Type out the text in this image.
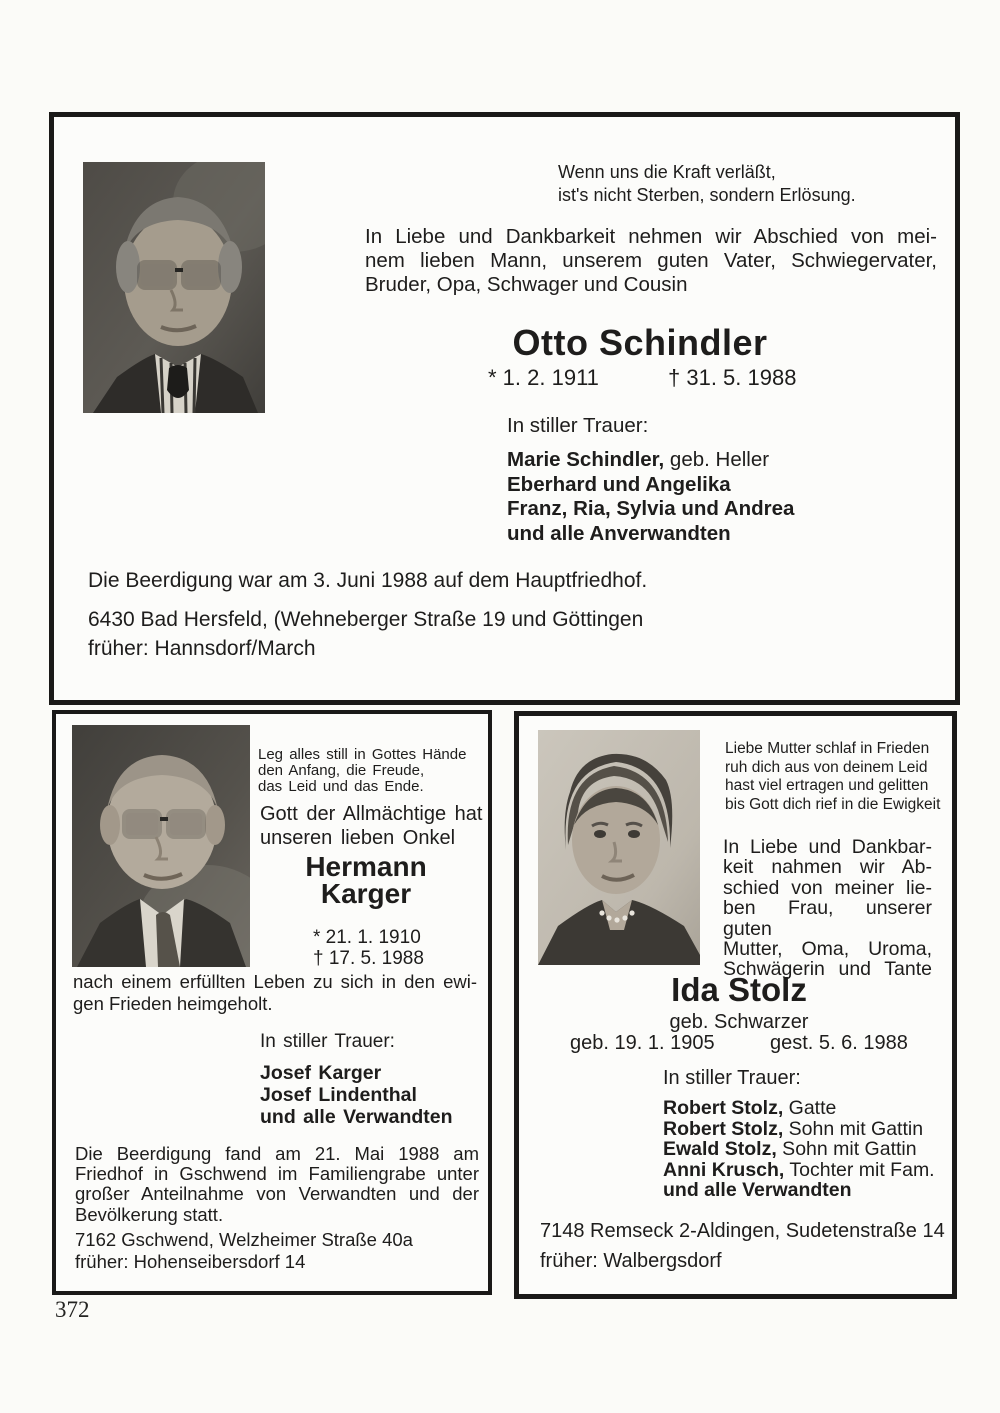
Wenn uns die Kraft verläßt,
ist's nicht Sterben, sondern Erlösung.
In Liebe und Dankbarkeit nehmen wir Abschied von mei-
nem lieben Mann, unserem guten Vater, Schwiegervater,
Bruder, Opa, Schwager und Cousin
Otto Schindler
* 1. 2. 1911	† 31. 5. 1988
In stiller Trauer:
Marie Schindler, geb. Heller
Eberhard und Angelika
Franz, Ria, Sylvia und Andrea
und alle Anverwandten
Die Beerdigung war am 3. Juni 1988 auf dem Hauptfriedhof.
6430 Bad Hersfeld, (Wehneberger Straße 19 und Göttingen
früher: Hannsdorf/March
Leg alles still in Gottes Hände
den Anfang, die Freude,
das Leid und das Ende.
Gott der Allmächtige hat
unseren lieben Onkel
Hermann
Karger
* 21. 1. 1910
† 17. 5. 1988
nach einem erfüllten Leben zu sich in den ewi-
gen Frieden heimgeholt.
In stiller Trauer:
Josef Karger
Josef Lindenthal
und alle Verwandten
Die Beerdigung fand am 21. Mai 1988 am
Friedhof in Gschwend im Familiengrabe unter
großer Anteilnahme von Verwandten und der
Bevölkerung statt.
7162 Gschwend, Welzheimer Straße 40a
früher: Hohenseibersdorf 14
Liebe Mutter schlaf in Frieden
ruh dich aus von deinem Leid
hast viel ertragen und gelitten
bis Gott dich rief in die Ewigkeit
In Liebe und Dankbar-
keit nahmen wir Ab-
schied von meiner lie-
ben Frau, unserer guten
Mutter, Oma, Uroma,
Schwägerin und Tante
Ida Stolz
geb. Schwarzer
geb. 19. 1. 1905	gest. 5. 6. 1988
In stiller Trauer:
Robert Stolz, Gatte
Robert Stolz, Sohn mit Gattin
Ewald Stolz, Sohn mit Gattin
Anni Krusch, Tochter mit Fam.
und alle Verwandten
7148 Remseck 2-Aldingen, Sudetenstraße 14
früher: Walbergsdorf
372
